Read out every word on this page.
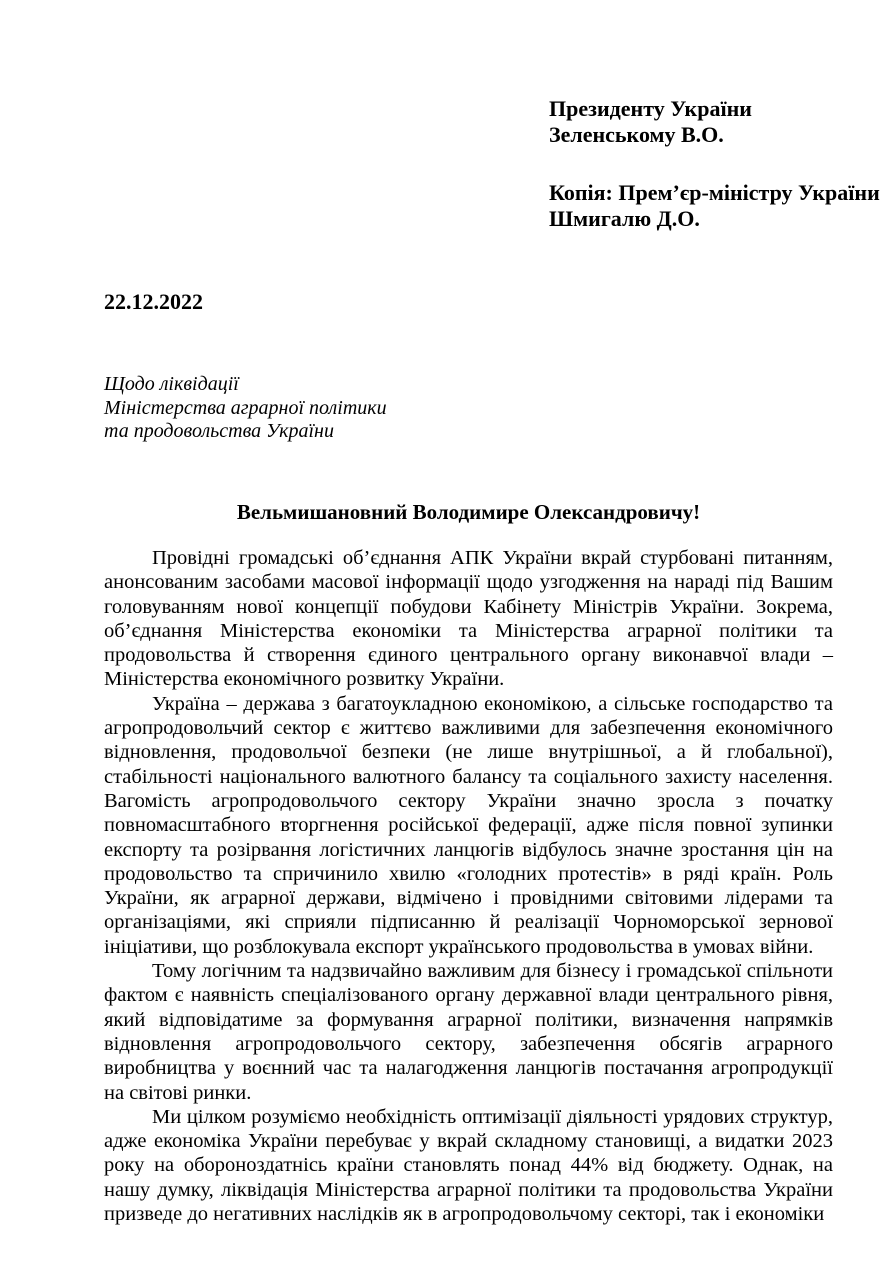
Президенту України

Зеленському В.О.

Копія: Прем’єр-міністру України

Шмигалю Д.О.

22.12.2022

Щодо ліквідації

Міністерства аграрної політики

та продовольства України

Вельмишановний Володимире Олександровичу!

Провідні громадські об’єднання АПК України вкрай стурбовані питанням, анонсованим засобами масової інформації щодо узгодження на нараді під Вашим головуванням нової концепції побудови Кабінету Міністрів України. Зокрема, об’єднання Міністерства економіки та Міністерства аграрної політики та продовольства й створення єдиного центрального органу виконавчої влади – Міністерства економічного розвитку України.

Україна – держава з багатоукладною економікою, а сільське господарство та агропродовольчий сектор є життєво важливими для забезпечення економічного відновлення, продовольчої безпеки (не лише внутрішньої, а й глобальної), стабільності національного валютного балансу та соціального захисту населення. Вагомість агропродовольчого сектору України значно зросла з початку повномасштабного вторгнення російської федерації, адже після повної зупинки експорту та розірвання логістичних ланцюгів відбулось значне зростання цін на продовольство та спричинило хвилю «голодних протестів» в ряді країн. Роль України, як аграрної держави, відмічено і провідними світовими лідерами та організаціями, які сприяли підписанню й реалізації Чорноморської зернової ініціативи, що розблокувала експорт українського продовольства в умовах війни.

Тому логічним та надзвичайно важливим для бізнесу і громадської спільноти фактом є наявність спеціалізованого органу державної влади центрального рівня, який відповідатиме за формування аграрної політики, визначення напрямків відновлення агропродовольчого сектору, забезпечення обсягів аграрного виробництва у воєнний час та налагодження ланцюгів постачання агропродукції на світові ринки.

Ми цілком розуміємо необхідність оптимізації діяльності урядових структур, адже економіка України перебуває у вкрай складному становищі, а видатки 2023 року на обороноздатнісь країни становлять понад 44% від бюджету. Однак, на нашу думку, ліквідація Міністерства аграрної політики та продовольства України призведе до негативних наслідків як в агропродовольчому секторі, так і економіки
